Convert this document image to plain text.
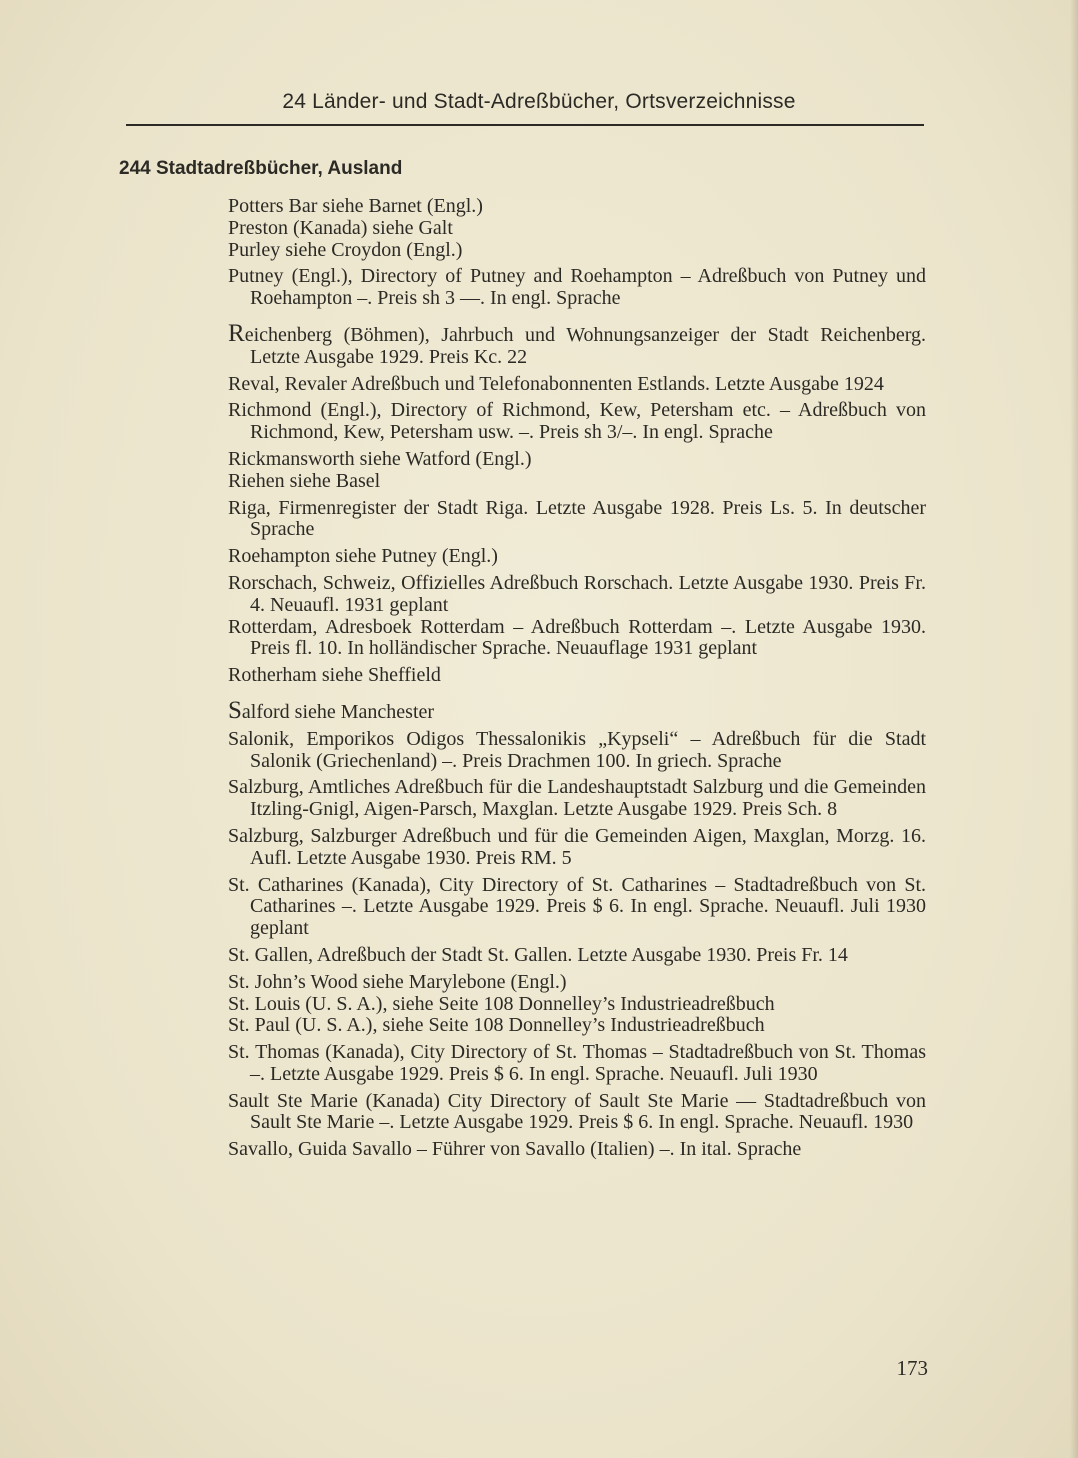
24 Länder- und Stadt-Adreßbücher, Ortsverzeichnisse
244 Stadtadreßbücher, Ausland
Potters Bar siehe Barnet (Engl.)
Preston (Kanada) siehe Galt
Purley siehe Croydon (Engl.)
Putney (Engl.), Directory of Putney and Roehampton – Adreßbuch von Putney und Roehampton –. Preis sh 3 —. In engl. Sprache
Reichenberg (Böhmen), Jahrbuch und Wohnungsanzeiger der Stadt Reichenberg. Letzte Ausgabe 1929. Preis Kc. 22
Reval, Revaler Adreßbuch und Telefonabonnenten Estlands. Letzte Ausgabe 1924
Richmond (Engl.), Directory of Richmond, Kew, Petersham etc. – Adreßbuch von Richmond, Kew, Petersham usw. –. Preis sh 3/–. In engl. Sprache
Rickmansworth siehe Watford (Engl.)
Riehen siehe Basel
Riga, Firmenregister der Stadt Riga. Letzte Ausgabe 1928. Preis Ls. 5. In deutscher Sprache
Roehampton siehe Putney (Engl.)
Rorschach, Schweiz, Offizielles Adreßbuch Rorschach. Letzte Ausgabe 1930. Preis Fr. 4. Neuaufl. 1931 geplant
Rotterdam, Adresboek Rotterdam – Adreßbuch Rotterdam –. Letzte Ausgabe 1930. Preis fl. 10. In holländischer Sprache. Neuauflage 1931 geplant
Rotherham siehe Sheffield
Salford siehe Manchester
Salonik, Emporikos Odigos Thessalonikis „Kypseli“ – Adreßbuch für die Stadt Salonik (Griechenland) –. Preis Drachmen 100. In griech. Sprache
Salzburg, Amtliches Adreßbuch für die Landeshauptstadt Salzburg und die Gemeinden Itzling-Gnigl, Aigen-Parsch, Maxglan. Letzte Ausgabe 1929. Preis Sch. 8
Salzburg, Salzburger Adreßbuch und für die Gemeinden Aigen, Maxglan, Morzg. 16. Aufl. Letzte Ausgabe 1930. Preis RM. 5
St. Catharines (Kanada), City Directory of St. Catharines – Stadtadreßbuch von St. Catharines –. Letzte Ausgabe 1929. Preis $ 6. In engl. Sprache. Neuaufl. Juli 1930 geplant
St. Gallen, Adreßbuch der Stadt St. Gallen. Letzte Ausgabe 1930. Preis Fr. 14
St. John’s Wood siehe Marylebone (Engl.)
St. Louis (U. S. A.), siehe Seite 108 Donnelley’s Industrieadreßbuch
St. Paul (U. S. A.), siehe Seite 108 Donnelley’s Industrieadreßbuch
St. Thomas (Kanada), City Directory of St. Thomas – Stadtadreßbuch von St. Thomas –. Letzte Ausgabe 1929. Preis $ 6. In engl. Sprache. Neuaufl. Juli 1930
Sault Ste Marie (Kanada) City Directory of Sault Ste Marie — Stadtadreßbuch von Sault Ste Marie –. Letzte Ausgabe 1929. Preis $ 6. In engl. Sprache. Neuaufl. 1930
Savallo, Guida Savallo – Führer von Savallo (Italien) –. In ital. Sprache
173
